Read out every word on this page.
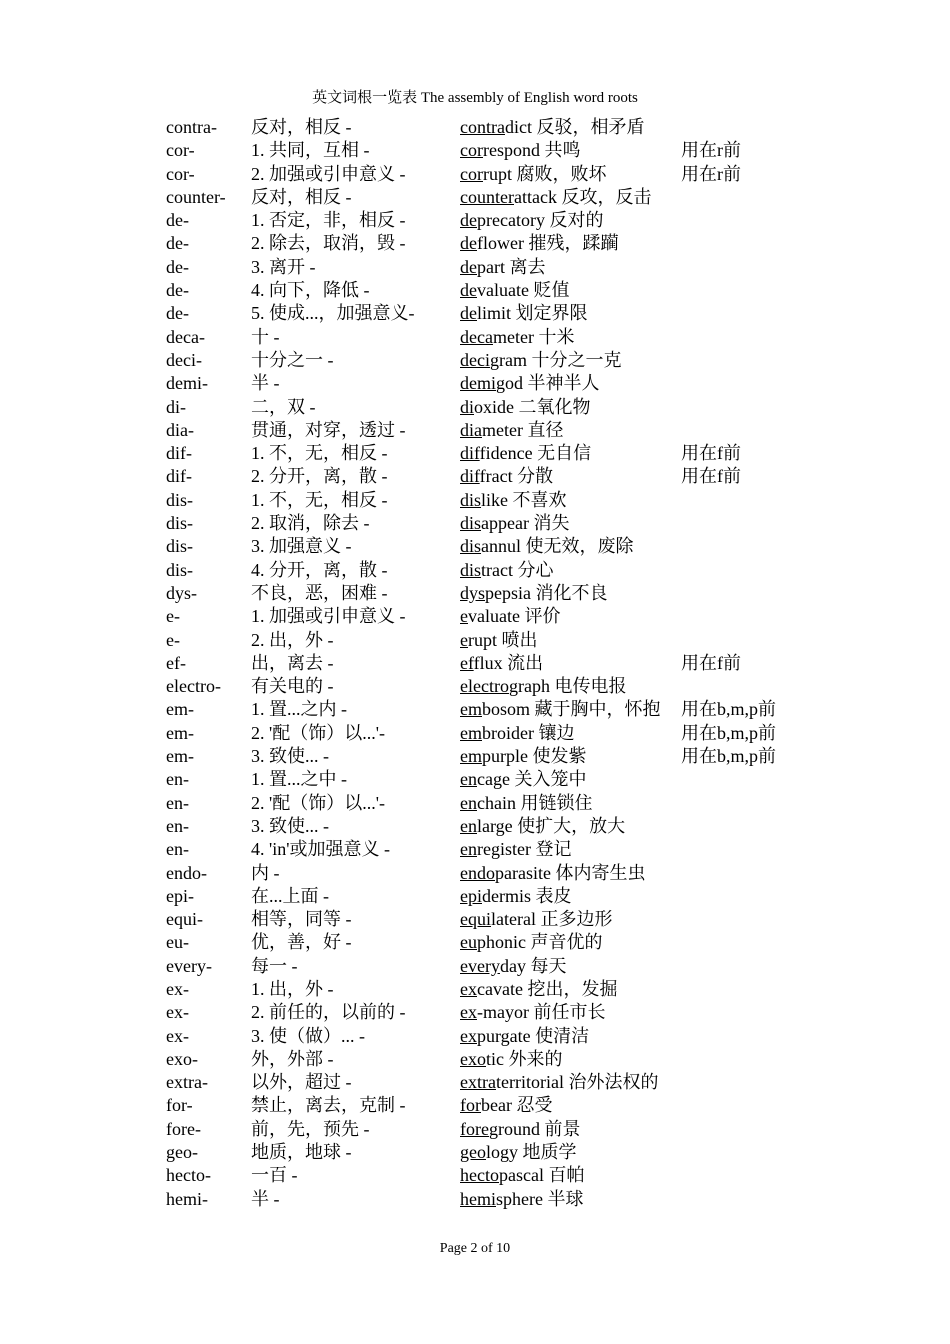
英文词根一览表 The assembly of English word roots
contra- 反对，相反 -	contradict 反驳，相矛盾
cor-	1. 共同，互相 -	correspond 共鸣	用在r前
cor-	2. 加强或引申意义 -	corrupt 腐败，败坏	用在r前
counter- 反对，相反 -	counterattack 反攻，反击
de-	1. 否定，非，相反 -	deprecatory 反对的
de-	2. 除去，取消，毁 -	deflower 摧残，蹂躏
de-	3. 离开 -	depart 离去
de-	4. 向下，降低 -	devaluate 贬值
de-	5. 使成...，加强意义-	delimit 划定界限
deca-	十 -	decameter 十米
deci-	十分之一 -	decigram 十分之一克
demi- 半 -	demigod 半神半人
di-	二，双 -	dioxide 二氧化物
dia-	贯通，对穿，透过 -	diameter 直径
dif-	1. 不，无，相反 -	diffidence 无自信	用在f前
dif-	2. 分开，离，散 -	diffract 分散	用在f前
dis-	1. 不，无，相反 -	dislike 不喜欢
dis-	2. 取消，除去 -	disappear 消失
dis-	3. 加强意义 -	disannul 使无效，废除
dis-	4. 分开，离，散 -	distract 分心
dys-	不良，恶，困难 -	dyspepsia 消化不良
e-	1. 加强或引申意义 -	evaluate 评价
e-	2. 出，外 -	erupt 喷出
ef-	出，离去 -	efflux 流出	用在f前
electro- 有关电的 -	electrograph 电传电报
em-	1. 置...之内 -	embosom 藏于胸中，怀抱 用在b,m,p前
em-	2. '配（饰）以...'-	embroider 镶边	用在b,m,p前
em-	3. 致使... -	empurple 使发紫	用在b,m,p前
en-	1. 置...之中 -	encage 关入笼中
en-	2. '配（饰）以...'-	enchain 用链锁住
en-	3. 致使... -	enlarge 使扩大，放大
en-	4. 'in'或加强意义 -	enregister 登记
endo- 内 -	endoparasite 体内寄生虫
epi-	在...上面 -	epidermis 表皮
equi-	相等，同等 -	equilateral 正多边形
eu-	优，善，好 -	euphonic 声音优的
every- 每一 -	everyday 每天
ex-	1. 出，外 -	excavate 挖出，发掘
ex-	2. 前任的，以前的 -	ex-mayor 前任市长
ex-	3. 使（做）... -	expurgate 使清洁
exo-	外，外部 -	exotic 外来的
extra- 以外，超过 -	extraterritorial 治外法权的
for-	禁止，离去，克制 -	forbear 忍受
fore-	前，先，预先 -	foreground 前景
geo-	地质，地球 -	geology 地质学
hecto- 一百 -	hectopascal 百帕
hemi- 半 -	hemisphere 半球
Page 2 of 10
